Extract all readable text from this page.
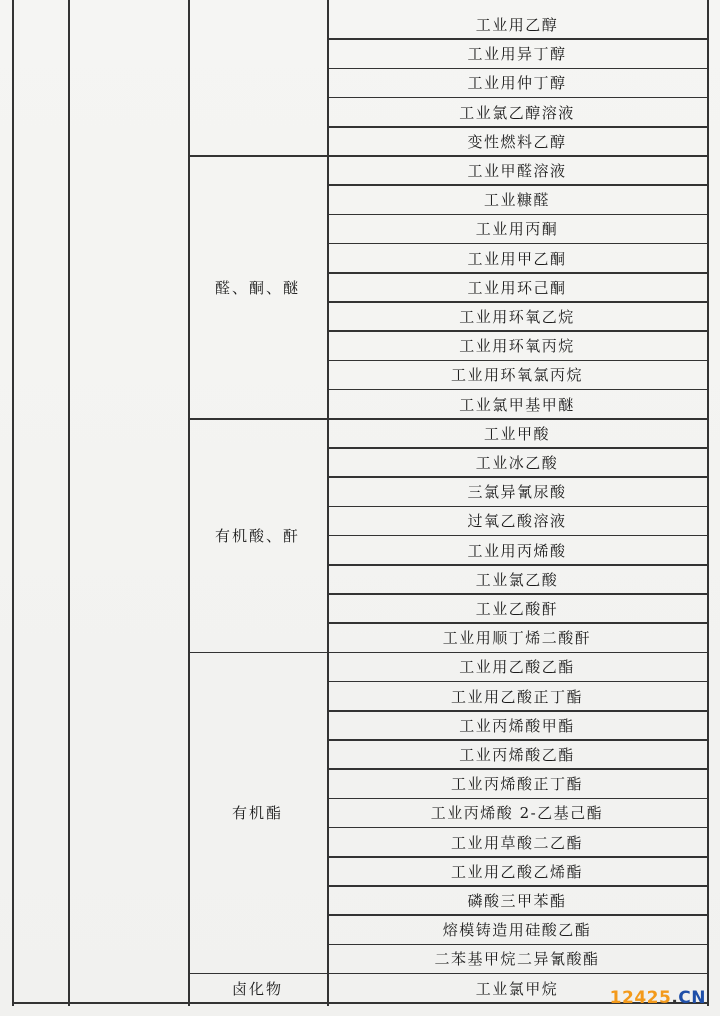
工业用乙醇
工业用异丁醇
工业用仲丁醇
工业氯乙醇溶液
变性燃料乙醇
工业甲醛溶液
工业糠醛
工业用丙酮
工业用甲乙酮
工业用环己酮
工业用环氧乙烷
工业用环氧丙烷
工业用环氧氯丙烷
工业氯甲基甲醚
醛、酮、醚
工业甲酸
工业冰乙酸
三氯异氰尿酸
过氧乙酸溶液
工业用丙烯酸
工业氯乙酸
工业乙酸酐
工业用顺丁烯二酸酐
有机酸、酐
工业用乙酸乙酯
工业用乙酸正丁酯
工业丙烯酸甲酯
工业丙烯酸乙酯
工业丙烯酸正丁酯
工业丙烯酸 2-乙基己酯
工业用草酸二乙酯
工业用乙酸乙烯酯
磷酸三甲苯酯
熔模铸造用硅酸乙酯
二苯基甲烷二异氰酸酯
有机酯
工业氯甲烷
卤化物	12425.CN
